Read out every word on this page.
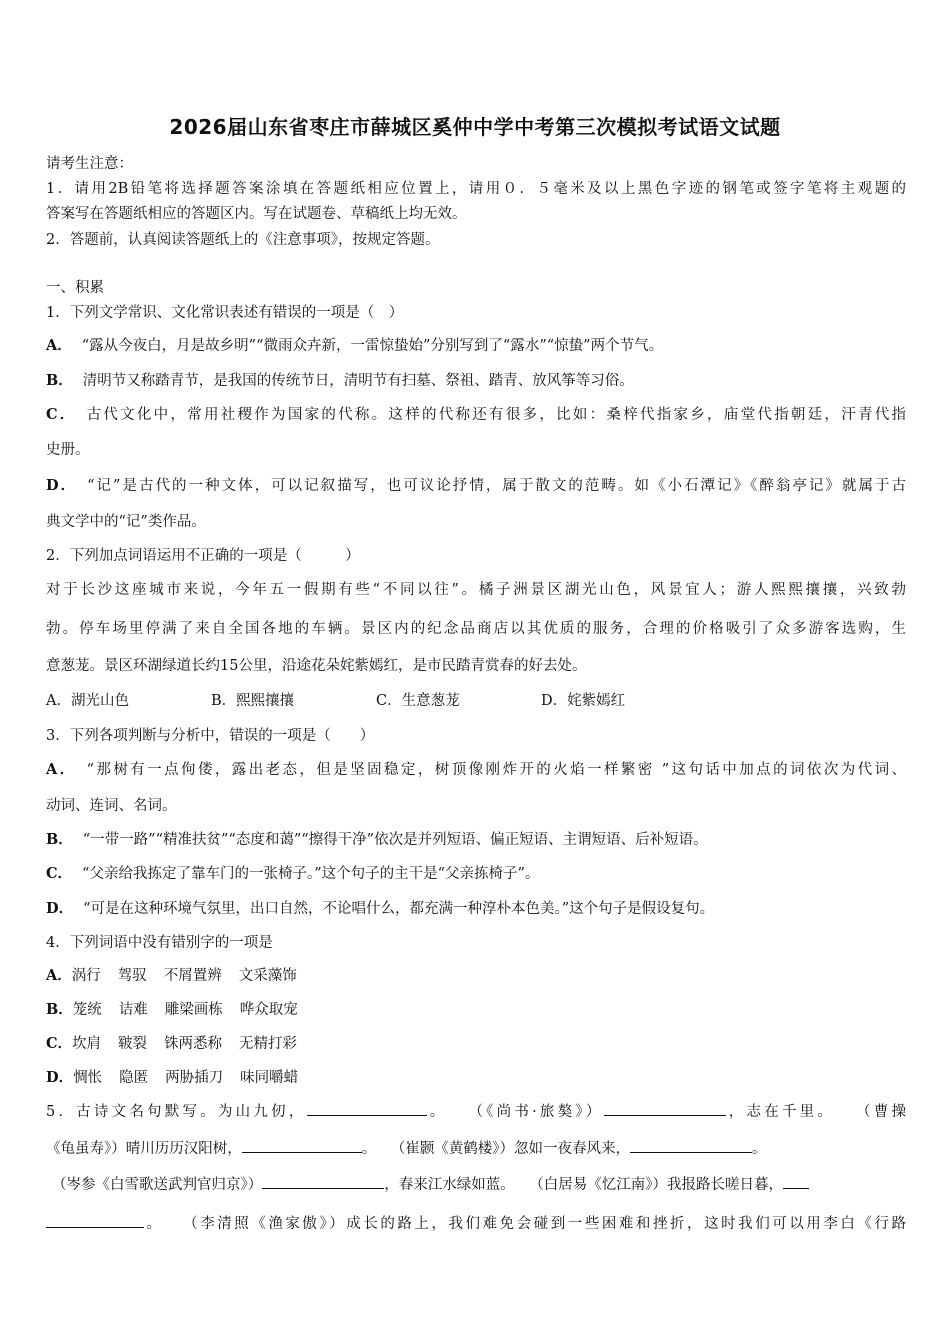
2026届山东省枣庄市薛城区奚仲中学中考第三次模拟考试语文试题
请考生注意：
1．请用2B铅笔将选择题答案涂填在答题纸相应位置上，请用０．５毫米及以上黑色字迹的钢笔或签字笔将主观题的
答案写在答题纸相应的答题区内。写在试题卷、草稿纸上均无效。
2．答题前，认真阅读答题纸上的《注意事项》，按规定答题。
一、积累
1．下列文学常识、文化常识表述有错误的一项是（　）
A． “露从今夜白，月是故乡明”“微雨众卉新，一雷惊蛰始”分别写到了“露水”“惊蛰”两个节气。
B． 清明节又称踏青节，是我国的传统节日，清明节有扫墓、祭祖、踏青、放风筝等习俗。
C． 古代文化中，常用社稷作为国家的代称。这样的代称还有很多，比如：桑梓代指家乡，庙堂代指朝廷，汗青代指
史册。
D． “记”是古代的一种文体，可以记叙描写，也可议论抒情，属于散文的范畴。如《小石潭记》《醉翁亭记》就属于古
典文学中的“记”类作品。
2．下列加点词语运用不正确的一项是（　　　）
对于长沙这座城市来说，今年五一假期有些“不同以往”。橘子洲景区湖光山色，风景宜人；游人熙熙攘攘，兴致勃
勃。停车场里停满了来自全国各地的车辆。景区内的纪念品商店以其优质的服务，合理的价格吸引了众多游客选购，生
意葱茏。景区环湖绿道长约15公里，沿途花朵姹紫嫣红，是市民踏青赏春的好去处。
A．湖光山色	B．熙熙攘攘	C．生意葱茏	D．姹紫嫣红
3．下列各项判断与分析中，错误的一项是（　　）
A． “那树有一点佝偻，露出老态，但是坚固稳定，树顶像刚炸开的火焰一样繁密 ”这句话中加点的词依次为代词、
动词、连词、名词。
B． “一带一路”“精准扶贫”“态度和蔼”“擦得干净”依次是并列短语、偏正短语、主谓短语、后补短语。
C． “父亲给我拣定了靠车门的一张椅子。”这个句子的主干是“父亲拣椅子”。
D． “可是在这种环境气氛里，出口自然，不论唱什么，都充满一种淳朴本色美。”这个句子是假设复句。
4．下列词语中没有错别字的一项是
A．涡行 驾驭 不屑置辨 文采藻饰
B．笼统 诘难 雕梁画栋 哗众取宠
C．坎肩 皲裂 铢两悉称 无精打彩
D．惆怅 隐匿 两胁插刀 味同嚼蜡
5．古诗文名句默写。为山九仞，	。　　（《尚书·旅獒》）	，志在千里。　　（曹操
《龟虽寿》）晴川历历汉阳树，	。　　（崔颢《黄鹤楼》）忽如一夜春风来，	。
（岑参《白雪歌送武判官归京》）	，春来江水绿如蓝。　　（白居易《忆江南》）我报路长嗟日暮，
。　　（李清照《渔家傲》）成长的路上，我们难免会碰到一些困难和挫折，这时我们可以用李白《行路
